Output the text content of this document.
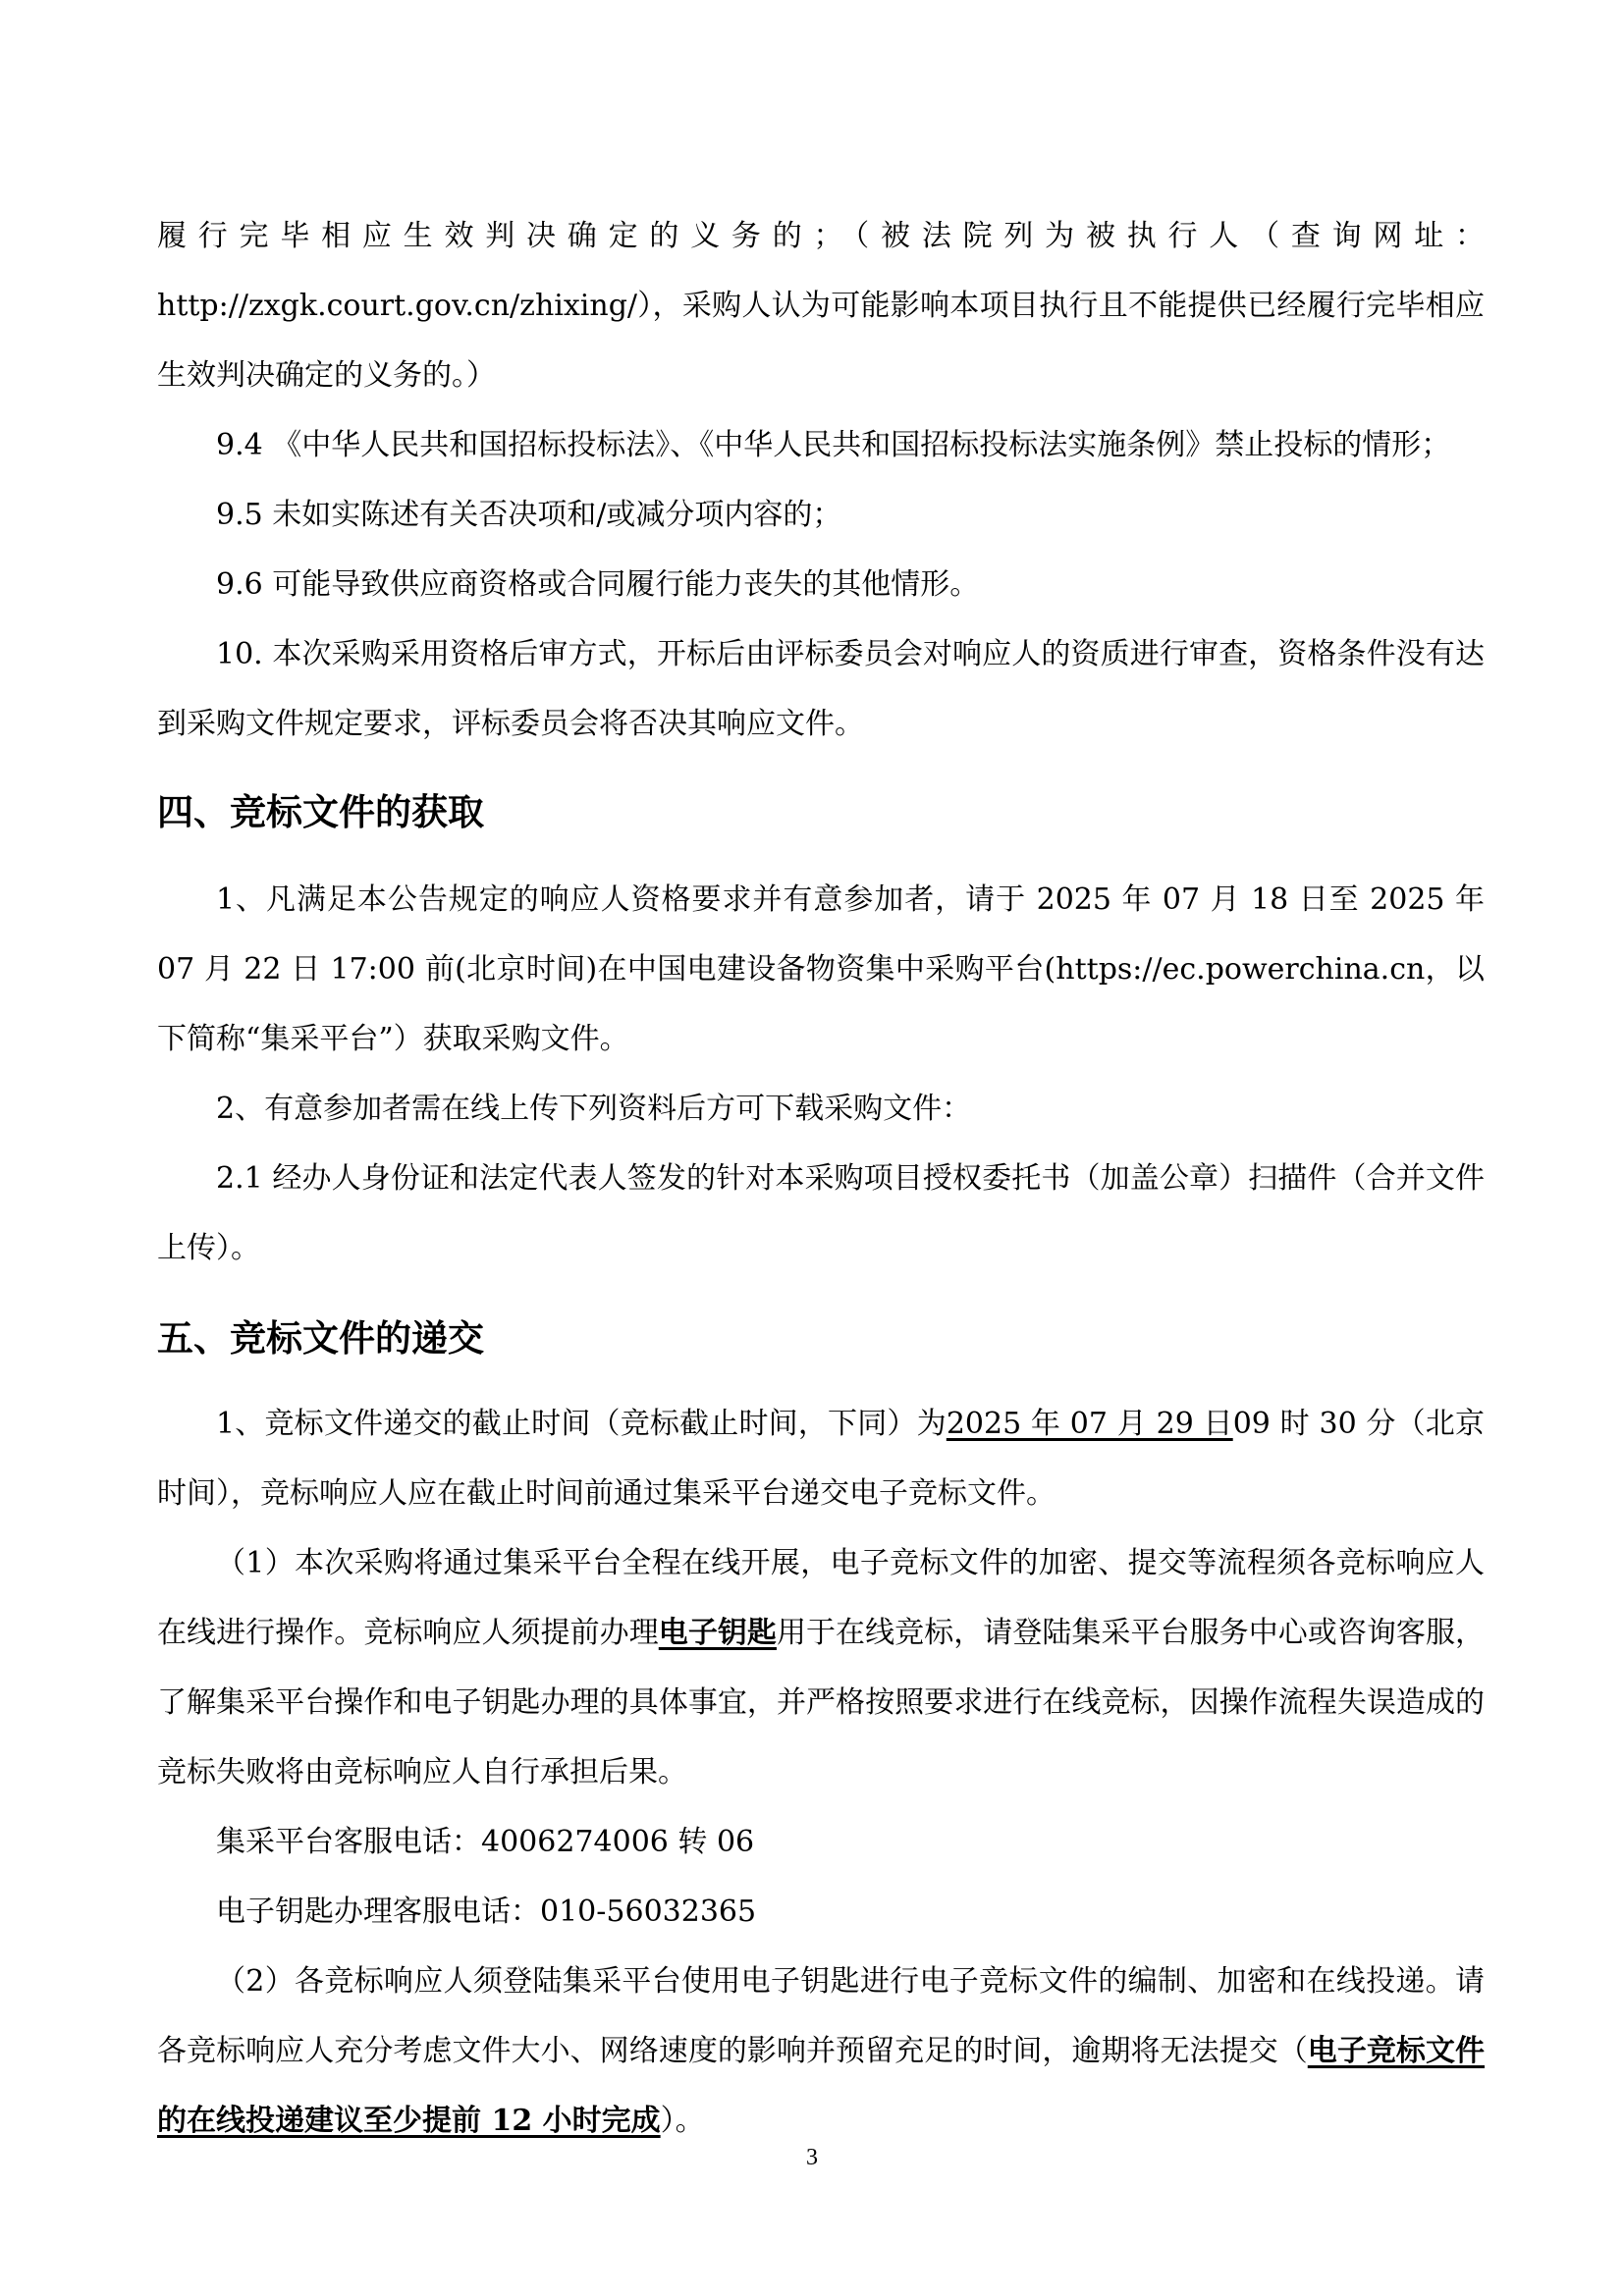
履行完毕相应生效判决确定的义务的；（被法院列为被执行人（查询网址：http://zxgk.court.gov.cn/zhixing/），采购人认为可能影响本项目执行且不能提供已经履行完毕相应生效判决确定的义务的。）

9.4 《中华人民共和国招标投标法》、《中华人民共和国招标投标法实施条例》禁止投标的情形；

9.5 未如实陈述有关否决项和/或减分项内容的；

9.6 可能导致供应商资格或合同履行能力丧失的其他情形。

10. 本次采购采用资格后审方式，开标后由评标委员会对响应人的资质进行审查，资格条件没有达到采购文件规定要求，评标委员会将否决其响应文件。

四、竞标文件的获取

1、凡满足本公告规定的响应人资格要求并有意参加者，请于 2025 年 07 月 18 日至 2025 年 07 月 22 日 17:00 前(北京时间)在中国电建设备物资集中采购平台(https://ec.powerchina.cn，以下简称“集采平台”）获取采购文件。

2、有意参加者需在线上传下列资料后方可下载采购文件：

2.1 经办人身份证和法定代表人签发的针对本采购项目授权委托书（加盖公章）扫描件（合并文件上传）。

五、竞标文件的递交

1、竞标文件递交的截止时间（竞标截止时间，下同）为2025 年 07 月 29 日09 时 30 分（北京时间），竞标响应人应在截止时间前通过集采平台递交电子竞标文件。

（1）本次采购将通过集采平台全程在线开展，电子竞标文件的加密、提交等流程须各竞标响应人在线进行操作。竞标响应人须提前办理电子钥匙用于在线竞标，请登陆集采平台服务中心或咨询客服，了解集采平台操作和电子钥匙办理的具体事宜，并严格按照要求进行在线竞标，因操作流程失误造成的竞标失败将由竞标响应人自行承担后果。

集采平台客服电话：4006274006 转 06

电子钥匙办理客服电话：010-56032365

（2）各竞标响应人须登陆集采平台使用电子钥匙进行电子竞标文件的编制、加密和在线投递。请各竞标响应人充分考虑文件大小、网络速度的影响并预留充足的时间，逾期将无法提交（电子竞标文件的在线投递建议至少提前 12 小时完成）。

3
